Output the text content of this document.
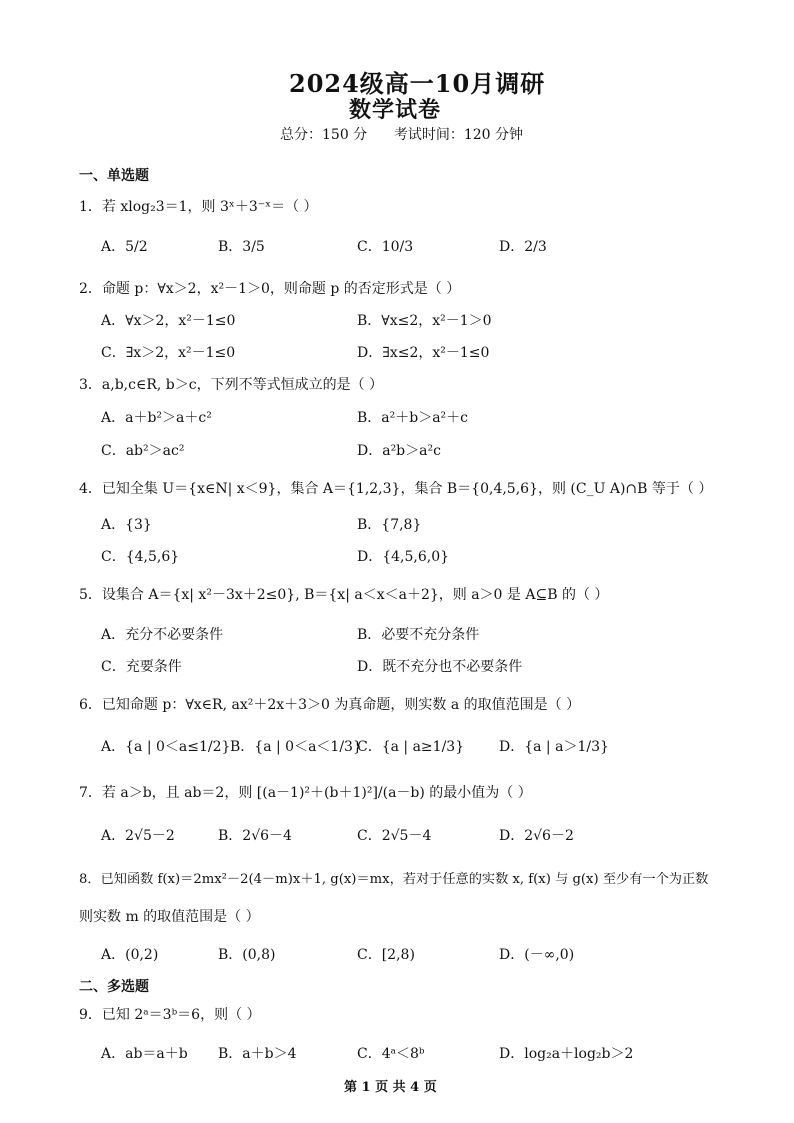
2024级高一10月调研
数学试卷
总分：150 分      考试时间：120 分钟
一、单选题
1．若 xlog₂3＝1，则 3ˣ＋3⁻ˣ＝（ ）
A．5/2	B．3/5	C．10/3	D．2/3
2．命题 p：∀x＞2，x²－1＞0，则命题 p 的否定形式是（ ）
A．∀x＞2，x²－1≤0	B．∀x≤2，x²－1＞0
C．∃x＞2，x²－1≤0	D．∃x≤2，x²－1≤0
3．a,b,c∈R, b＞c，下列不等式恒成立的是（ ）
A．a＋b²＞a＋c²	B．a²＋b＞a²＋c
C．ab²＞ac²	D．a²b＞a²c
4．已知全集 U＝{x∈N| x＜9}，集合 A＝{1,2,3}，集合 B＝{0,4,5,6}，则 (C_U A)∩B 等于（ ）
A．{3}	B．{7,8}
C．{4,5,6}	D．{4,5,6,0}
5．设集合 A＝{x| x²－3x＋2≤0}, B＝{x| a＜x＜a＋2}，则 a＞0 是 A⊆B 的（ ）
A．充分不必要条件	B．必要不充分条件
C．充要条件	D．既不充分也不必要条件
6．已知命题 p：∀x∈R, ax²＋2x＋3＞0 为真命题，则实数 a 的取值范围是（ ）
A．{a | 0＜a≤1/2} B．{a | 0＜a＜1/3}
C．{a | a≥1/3} D．{a | a＞1/3}
7．若 a＞b，且 ab＝2，则 [(a－1)²＋(b＋1)²]/(a－b) 的最小值为（ ）
A．2√5－2	B．2√6－4	C．2√5－4	D．2√6－2
8．已知函数 f(x)＝2mx²－2(4－m)x＋1, g(x)＝mx，若对于任意的实数 x, f(x) 与 g(x) 至少有一个为正数
则实数 m 的取值范围是（ ）
A．(0,2)	B．(0,8)	C．[2,8)	D．(－∞,0)
二、多选题
9．已知 2ᵃ＝3ᵇ＝6，则（ ）
A．ab＝a＋b B．a＋b＞4	C．4ᵃ＜8ᵇ	D．log₂a＋log₂b＞2
第 1 页 共 4 页
